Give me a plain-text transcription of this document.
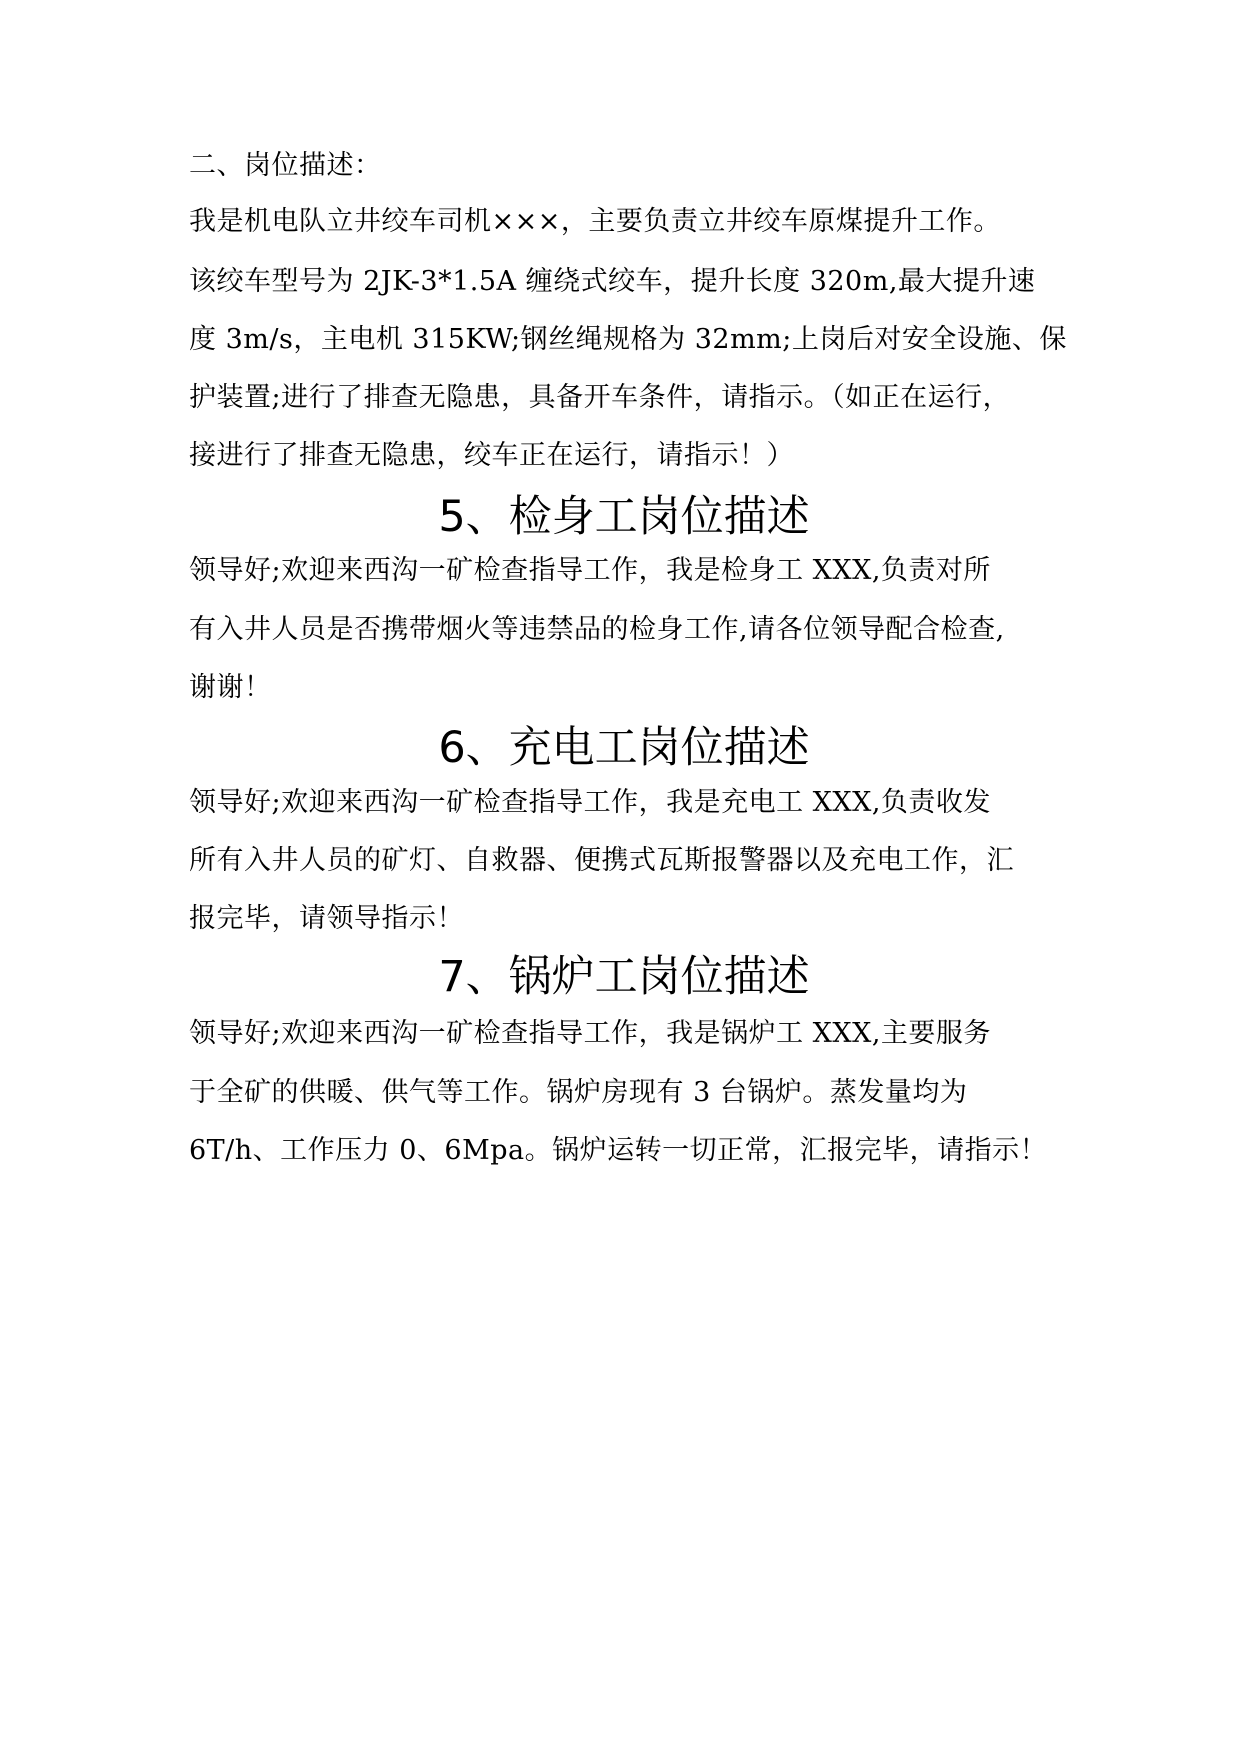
二、岗位描述：
我是机电队立井绞车司机×××，主要负责立井绞车原煤提升工作。
该绞车型号为 2JK-3*1.5A 缠绕式绞车，提升长度 320m,最大提升速
度 3m/s，主电机 315KW;钢丝绳规格为 32mm;上岗后对安全设施、保
护装置;进行了排查无隐患，具备开车条件，请指示。（如正在运行，
接进行了排查无隐患，绞车正在运行，请指示！）
5、检身工岗位描述
领导好;欢迎来西沟一矿检查指导工作，我是检身工 XXX,负责对所
有入井人员是否携带烟火等违禁品的检身工作,请各位领导配合检查,
谢谢！
6、充电工岗位描述
领导好;欢迎来西沟一矿检查指导工作，我是充电工 XXX,负责收发
所有入井人员的矿灯、自救器、便携式瓦斯报警器以及充电工作，汇
报完毕，请领导指示！
7、锅炉工岗位描述
领导好;欢迎来西沟一矿检查指导工作，我是锅炉工 XXX,主要服务
于全矿的供暖、供气等工作。锅炉房现有 3 台锅炉。蒸发量均为
6T/h、工作压力 0、6Mpa。锅炉运转一切正常，汇报完毕，请指示！
